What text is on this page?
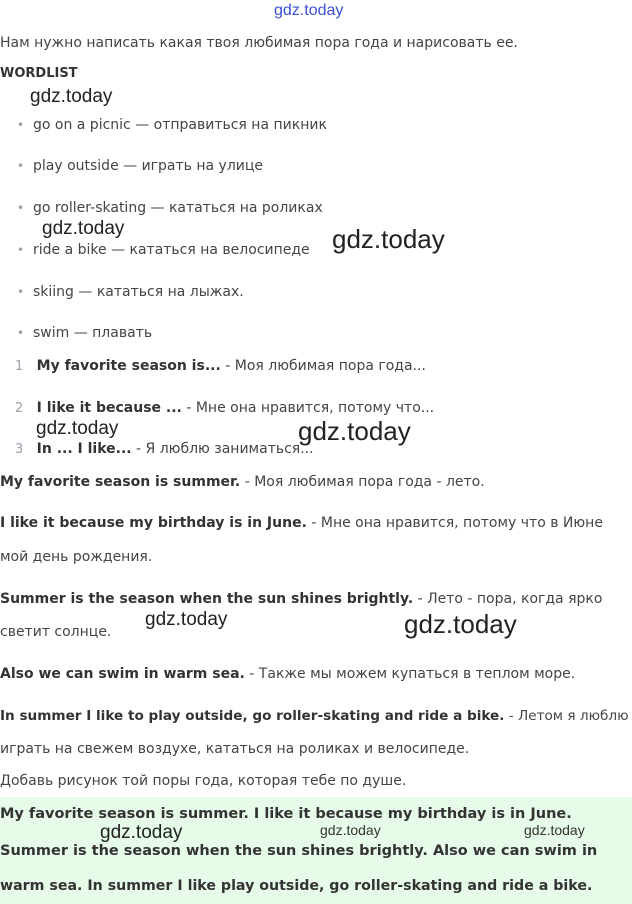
gdz.today
Нам нужно написать какая твоя любимая пора года и нарисовать ее.
WORDLIST
gdz.today
• go on a picnic — отправиться на пикник
• play outside — играть на улице
• go roller-skating — кататься на роликах
gdz.today
• ride a bike — кататься на велосипеде gdz.today
• skiing — кататься на лыжах.
• swim — плавать
1 My favorite season is... - Моя любимая пора года...
2 I like it because ... - Мне она нравится, потому что...
gdz.today
3 In ... I like... - Я люблю заниматься...
gdz.today
My favorite season is summer. - Моя любимая пора года - лето.
I like it because my birthday is in June. - Мне она нравится, потому что в Июне
мой день рождения.
Summer is the season when the sun shines brightly. - Лето - пора, когда ярко
светит солнце.
gdz.today	gdz.today
Also we can swim in warm sea. - Также мы можем купаться в теплом море.
In summer I like to play outside, go roller-skating and ride a bike. - Летом я люблю
играть на свежем воздухе, кататься на роликах и велосипеде.
Добавь рисунок той поры года, которая тебе по душе.
My favorite season is summer. I like it because my birthday is in June.
gdz.today	gdz.today	gdz.today
Summer is the season when the sun shines brightly. Also we can swim in
warm sea. In summer I like play outside, go roller-skating and ride a bike.
